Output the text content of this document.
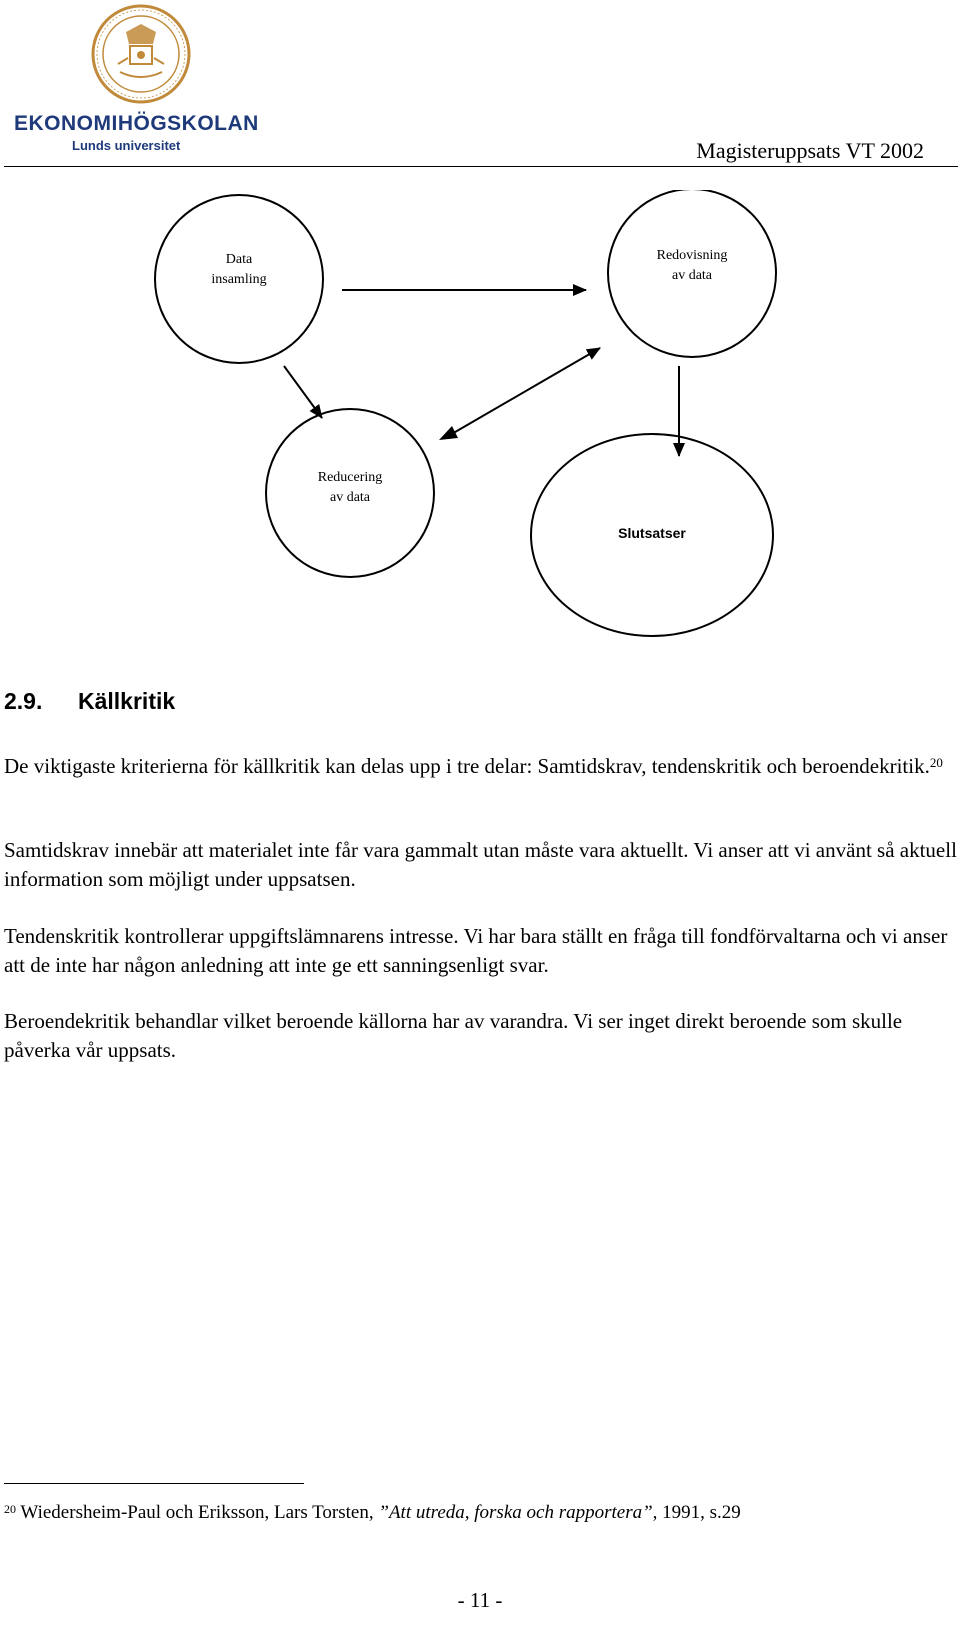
EKONOMIHÖGSKOLAN
Lunds universitet	Magisteruppsats VT 2002
Data
insamling
Redovisning
av data
Reducering
av data
Slutsatser
2.9. Källkritik
De viktigaste kriterierna för källkritik kan delas upp i tre delar: Samtidskrav, tendenskritik och beroendekritik.$^{20}$
Samtidskrav innebär att materialet inte får vara gammalt utan måste vara aktuellt. Vi anser att vi använt så aktuell information som möjligt under uppsatsen.
Tendenskritik kontrollerar uppgiftslämnarens intresse. Vi har bara ställt en fråga till fondförvaltarna och vi anser att de inte har någon anledning att inte ge ett sanningsenligt svar.
Beroendekritik behandlar vilket beroende källorna har av varandra. Vi ser inget direkt beroende som skulle påverka vår uppsats.
$^{20}$ Wiedersheim-Paul och Eriksson, Lars Torsten, ”Att utreda, forska och rapportera”, 1991, s.29
- 11 -
